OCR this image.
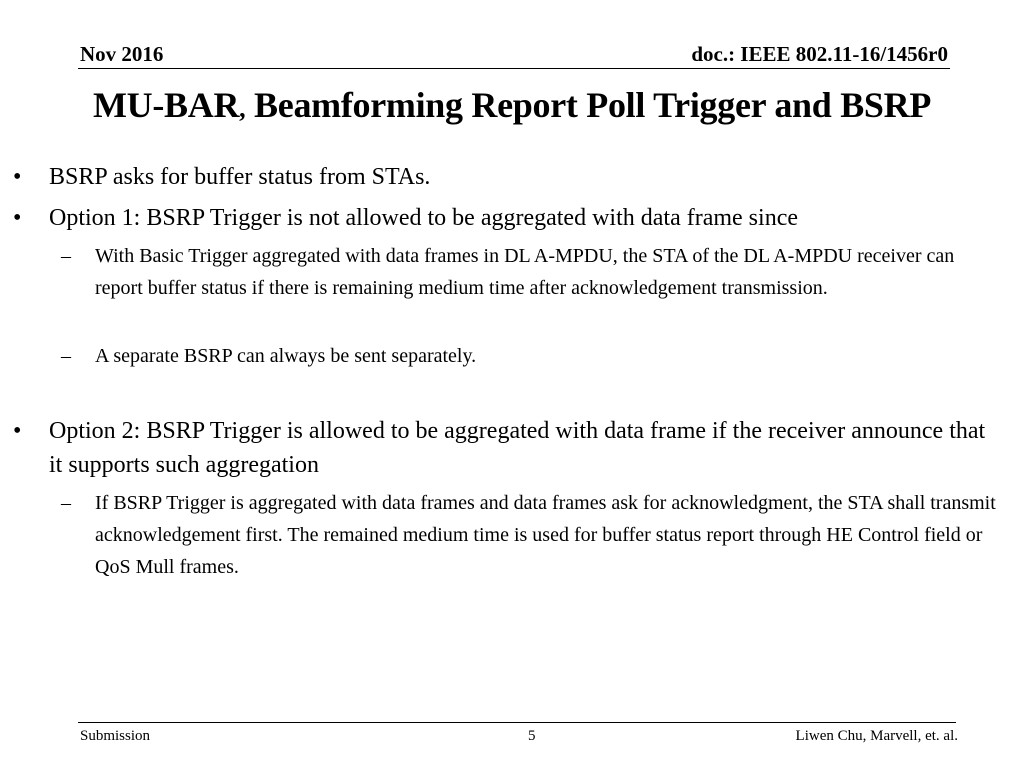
Nov 2016	doc.: IEEE 802.11-16/1456r0
MU-BAR, Beamforming Report Poll Trigger and BSRP
• BSRP asks for buffer status from STAs.
• Option 1: BSRP Trigger is not allowed to be aggregated with data frame since
– With Basic Trigger aggregated with data frames in DL A-MPDU, the STA of the DL A-MPDU receiver can report buffer status if there is remaining medium time after acknowledgement transmission.
– A separate BSRP can always be sent separately.
• Option 2: BSRP Trigger is allowed to be aggregated with data frame if the receiver announce that it supports such aggregation
– If BSRP Trigger is aggregated with data frames and data frames ask for acknowledgment, the STA shall transmit acknowledgement first. The remained medium time is used for buffer status report through HE Control field or QoS Mull frames.
Submission	5	Liwen Chu, Marvell, et. al.
